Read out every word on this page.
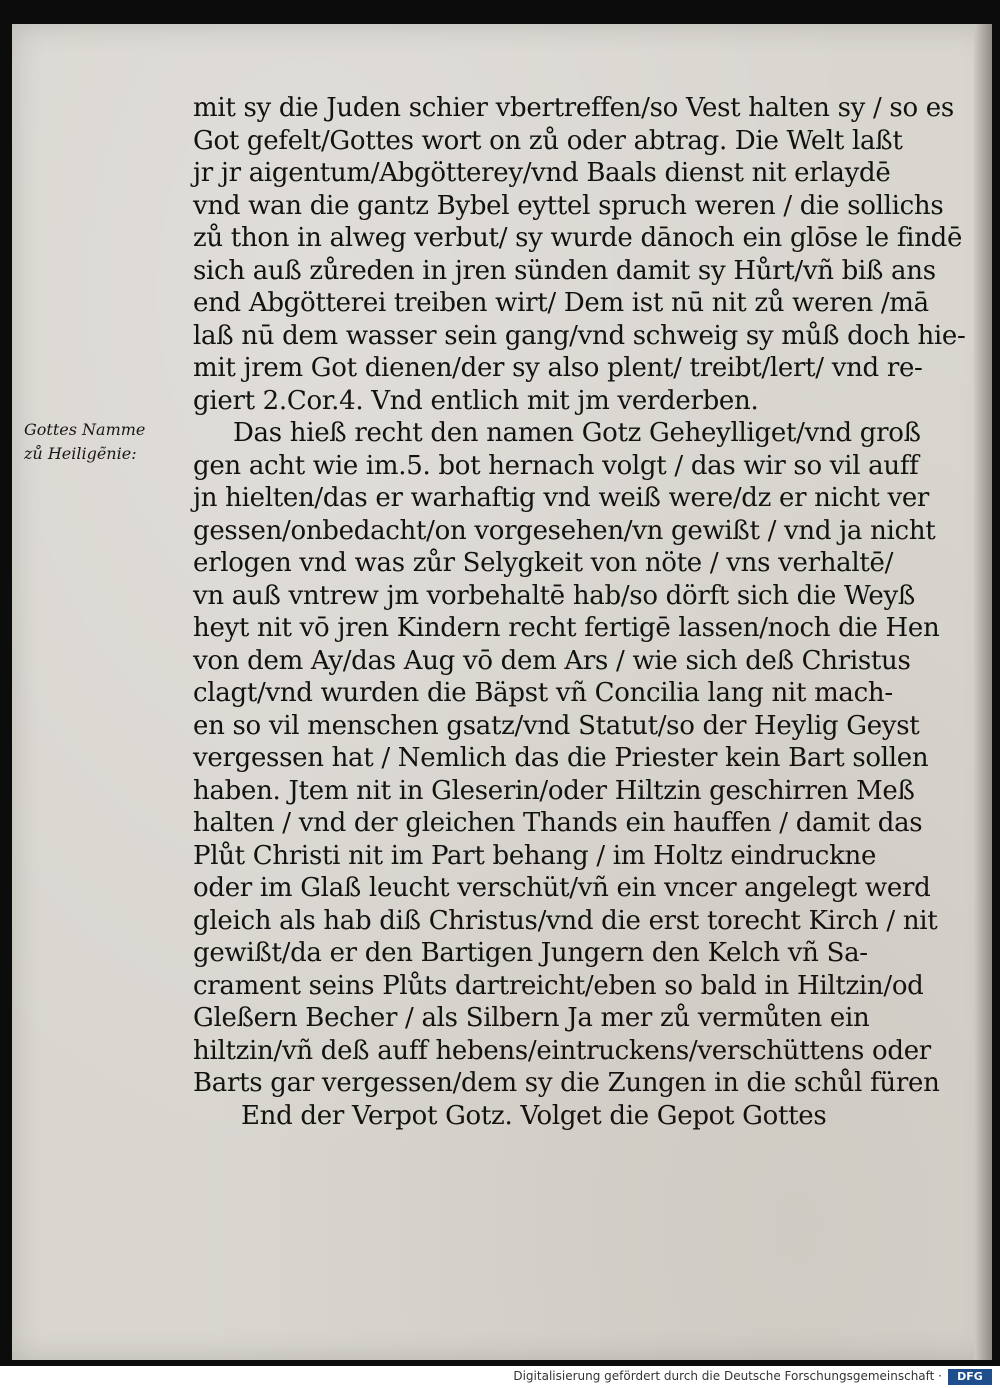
Gottes Namme
zů Heiligẽnie:
mit sy die Juden schier vbertreffen/so Vest halten sy / so es
Got gefelt/Gottes wort on zů oder abtrag. Die Welt laßt
jr jr aigentum/Abgötterey/vnd Baals dienst nit erlaydē
vnd wan die gantz Bybel eyttel spruch weren / die sollichs
zů thon in alweg verbut/ sy wurde dānoch ein glōse le findē
sich auß zůreden in jren sünden damit sy Hůrt/vñ biß ans
end Abgötterei treiben wirt/ Dem ist nū nit zů weren /mā
laß nū dem wasser sein gang/vnd schweig sy můß doch hie-
mit jrem Got dienen/der sy also plent/ treibt/lert/ vnd re-
giert 2.Cor.4. Vnd entlich mit jm verderben.
Das hieß recht den namen Gotz Geheylliget/vnd groß
gen acht wie im.5. bot hernach volgt / das wir so vil auff
jn hielten/das er warhaftig vnd weiß were/dz er nicht ver
gessen/onbedacht/on vorgesehen/vn gewißt / vnd ja nicht
erlogen vnd was zůr Selygkeit von nöte / vns verhaltē/
vn auß vntrew jm vorbehaltē hab/so dörft sich die Weyß
heyt nit vō jren Kindern recht fertigē lassen/noch die Hen
von dem Ay/das Aug vō dem Ars / wie sich deß Christus
clagt/vnd wurden die Bäpst vñ Concilia lang nit mach-
en so vil menschen gsatz/vnd Statut/so der Heylig Geyst
vergessen hat / Nemlich das die Priester kein Bart sollen
haben. Jtem nit in Gleserin/oder Hiltzin geschirren Meß
halten / vnd der gleichen Thands ein hauffen / damit das
Plůt Christi nit im Part behang / im Holtz eindruckne
oder im Glaß leucht verschüt/vñ ein vncer angelegt werd
gleich als hab diß Christus/vnd die erst torecht Kirch / nit
gewißt/da er den Bartigen Jungern den Kelch vñ Sa-
crament seins Plůts dartreicht/eben so bald in Hiltzin/od
Gleßern Becher / als Silbern Ja mer zů vermůten ein
hiltzin/vñ deß auff hebens/eintruckens/verschüttens oder
Barts gar vergessen/dem sy die Zungen in die schůl füren
End der Verpot Gotz. Volget die Gepot Gottes
Digitalisierung gefördert durch die Deutsche Forschungsgemeinschaft ·	DFG
